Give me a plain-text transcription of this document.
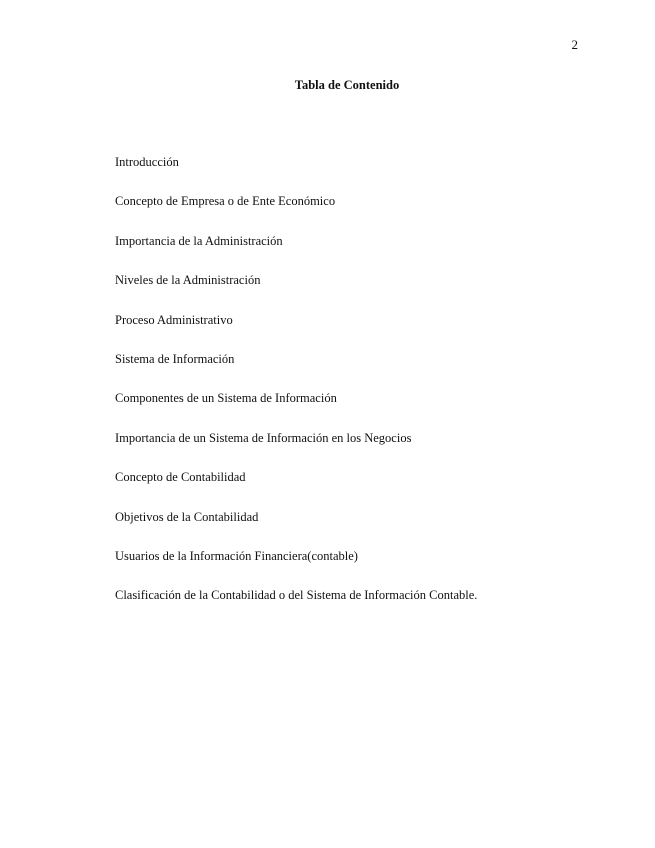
2
Tabla de Contenido
Introducción
Concepto de Empresa o de Ente Económico
Importancia de la Administración
Niveles de la Administración
Proceso Administrativo
Sistema de Información
Componentes de un Sistema de Información
Importancia de un Sistema de Información en los Negocios
Concepto de Contabilidad
Objetivos de la Contabilidad
Usuarios de la Información Financiera(contable)
Clasificación de la Contabilidad o del Sistema de Información Contable.
